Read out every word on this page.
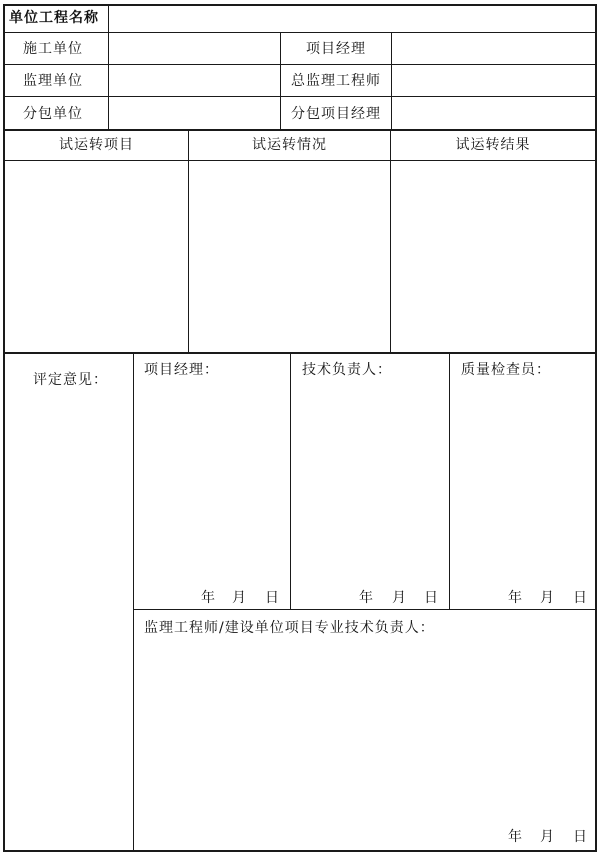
单位工程名称
施工单位	项目经理
监理单位	总监理工程师
分包单位	分包项目经理
试运转项目	试运转情况	试运转结果
评定意见：
项目经理：	技术负责人：	质量检查员：
年 月 日	年 月 日	年 月 日
监理工程师/建设单位项目专业技术负责人：
年 月 日
